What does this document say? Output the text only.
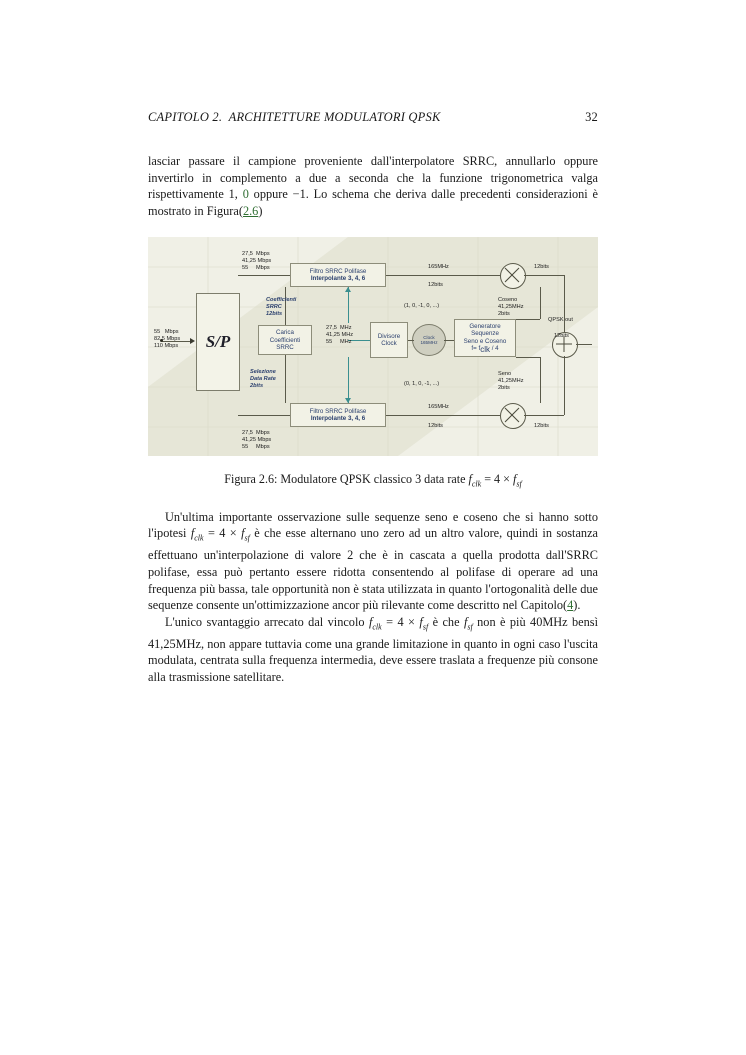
CAPITOLO 2.  ARCHITETTURE MODULATORI QPSK	32

lasciar passare il campione proveniente dall'interpolatore SRRC, annullarlo oppure invertirlo in complemento a due a seconda che la funzione trigonometrica valga rispettivamente 1, 0 oppure −1. Lo schema che deriva dalle precedenti considerazioni è mostrato in Figura(2.6)

S/P
Filtro SRRC Polifase
Interpolante 3, 4, 6
Filtro SRRC Polifase
Interpolante 3, 4, 6
Carica
Coefficienti
SRRC
Divisore
Clock
Clock
165MHz
Generatore
Sequenze
Seno e Coseno
$f= f_{clk} / 4$
55   Mbps
82,5 Mbps
110 Mbps
27,5  Mbps
41,25 Mbps
55     Mbps
27,5  Mbps
41,25 Mbps
55     Mbps
Coefficienti
SRRC
12bits
Selezione
Data Rate
2bits
27,5  MHz
41,25 MHz
55     MHz
165MHz
12bits
165MHz
12bits
12bits
12bits
Coseno
41,25MHz
2bits
Seno
41,25MHz
2bits
(1, 0, -1, 0, ...)
(0, 1, 0, -1, ...)
QPSK out
12bits
Figura 2.6: Modulatore QPSK classico 3 data rate $f_{clk} = 4 \times f_{sf}$

Un'ultima importante osservazione sulle sequenze seno e coseno che si hanno sotto l'ipotesi $f_{clk} = 4 \times f_{sf}$ è che esse alternano uno zero ad un altro valore, quindi in sostanza effettuano un'interpolazione di valore 2 che è in cascata a quella prodotta dall'SRRC polifase, essa può pertanto essere ridotta consentendo al polifase di operare ad una frequenza più bassa, tale opportunità non è stata utilizzata in quanto l'ortogonalità delle due sequenze consente un'ottimizzazione ancor più rilevante come descritto nel Capitolo(4).

L'unico svantaggio arrecato dal vincolo $f_{clk} = 4 \times f_{sf}$ è che $f_{sf}$ non è più 40MHz bensì 41,25MHz, non appare tuttavia come una grande limitazione in quanto in ogni caso l'uscita modulata, centrata sulla frequenza intermedia, deve essere traslata a frequenze più consone alla trasmissione satellitare.
